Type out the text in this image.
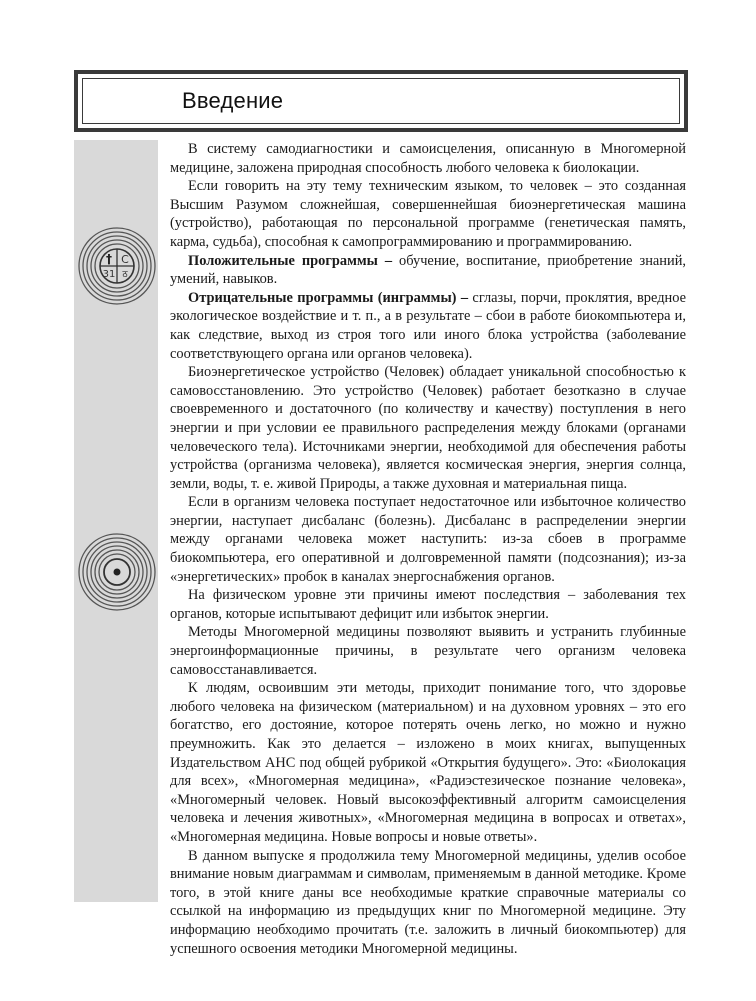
Введение
† С
31 ठ

В систему самодиагностики и самоисцеления, описанную в Многомерной медицине, заложена природная способность любого человека к биолокации.

Если говорить на эту тему техническим языком, то человек – это созданная Высшим Разумом сложнейшая, совершеннейшая биоэнергетическая машина (устройство), работающая по персональной программе (генетическая память, карма, судьба), способная к самопрограммированию и программированию.

Положительные программы – обучение, воспитание, приобретение знаний, умений, навыков.

Отрицательные программы (инграммы) – сглазы, порчи, проклятия, вредное экологическое воздействие и т. п., а в результате – сбои в работе биокомпьютера и, как следствие, выход из строя того или иного блока устройства (заболевание соответствующего органа или органов человека).

Биоэнергетическое устройство (Человек) обладает уникальной способностью к самовосстановлению. Это устройство (Человек) работает безотказно в случае своевременного и достаточного (по количеству и качеству) поступления в него энергии и при условии ее правильного распределения между блоками (органами человеческого тела). Источниками энергии, необходимой для обеспечения работы устройства (организма человека), является космическая энергия, энергия солнца, земли, воды, т. е. живой Природы, а также духовная и материальная пища.

Если в организм человека поступает недостаточное или избыточное количество энергии, наступает дисбаланс (болезнь). Дисбаланс в распределении энергии между органами человека может наступить: из-за сбоев в программе биокомпьютера, его оперативной и долговременной памяти (подсознания); из-за «энергетических» пробок в каналах энергоснабжения органов.

На физическом уровне эти причины имеют последствия – заболевания тех органов, которые испытывают дефицит или избыток энергии.

Методы Многомерной медицины позволяют выявить и устранить глубинные энергоинформационные причины, в результате чего организм человека самовосстанавливается.

К людям, освоившим эти методы, приходит понимание того, что здоровье любого человека на физическом (материальном) и на духовном уровнях – это его богатство, его достояние, которое потерять очень легко, но можно и нужно преумножить. Как это делается – изложено в моих книгах, выпущенных Издательством АНС под общей рубрикой «Открытия будущего». Это: «Биолокация для всех», «Многомерная медицина», «Радиэстезическое познание человека», «Многомерный человек. Новый высокоэффективный алгоритм самоисцеления человека и лечения животных», «Многомерная медицина в вопросах и ответах», «Многомерная медицина. Новые вопросы и новые ответы».

В данном выпуске я продолжила тему Многомерной медицины, уделив особое внимание новым диаграммам и символам, применяемым в данной методике. Кроме того, в этой книге даны все необходимые краткие справочные материалы со ссылкой на информацию из предыдущих книг по Многомерной медицине. Эту информацию необходимо прочитать (т.е. заложить в личный биокомпьютер) для успешного освоения методики Многомерной медицины.
